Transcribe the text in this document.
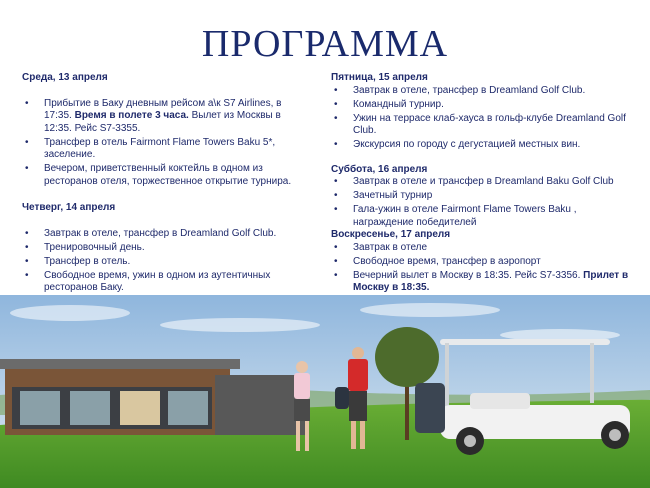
ПРОГРАММА

Среда, 13 апреля

• Прибытие в Баку дневным рейсом а\к S7 Airlines, в 17:35. Время в полете 3 часа. Вылет из Москвы в 12:35. Рейс S7-3355.
• Трансфер в отель Fairmont Flame Towers Baku 5*, заселение.
• Вечером, приветственный коктейль в одном из ресторанов отеля, торжественное открытие турнира.

Четверг, 14 апреля

• Завтрак в отеле, трансфер в Dreamland Golf Club.
• Тренировочный день.
• Трансфер в отель.
• Свободное время, ужин в одном из аутентичных ресторанов Баку.

Пятница, 15 апреля

• Завтрак в отеле, трансфер в Dreamland Golf Club.
• Командный турнир.
• Ужин на террасе клаб-хауса в гольф-клубе Dreamland Golf Club.
• Экскурсия по городу с дегустацией местных вин.

Суббота, 16 апреля

• Завтрак в отеле и трансфер в Dreamland Baku Golf Club
• Зачетный турнир
• Гала-ужин в отеле Fairmont Flame Towers Baku , награждение победителей

Воскресенье, 17 апреля

• Завтрак в отеле
• Свободное время, трансфер в аэропорт
• Вечерний вылет в Москву в 18:35. Рейс S7-3356. Прилет в Москву в 18:35.
